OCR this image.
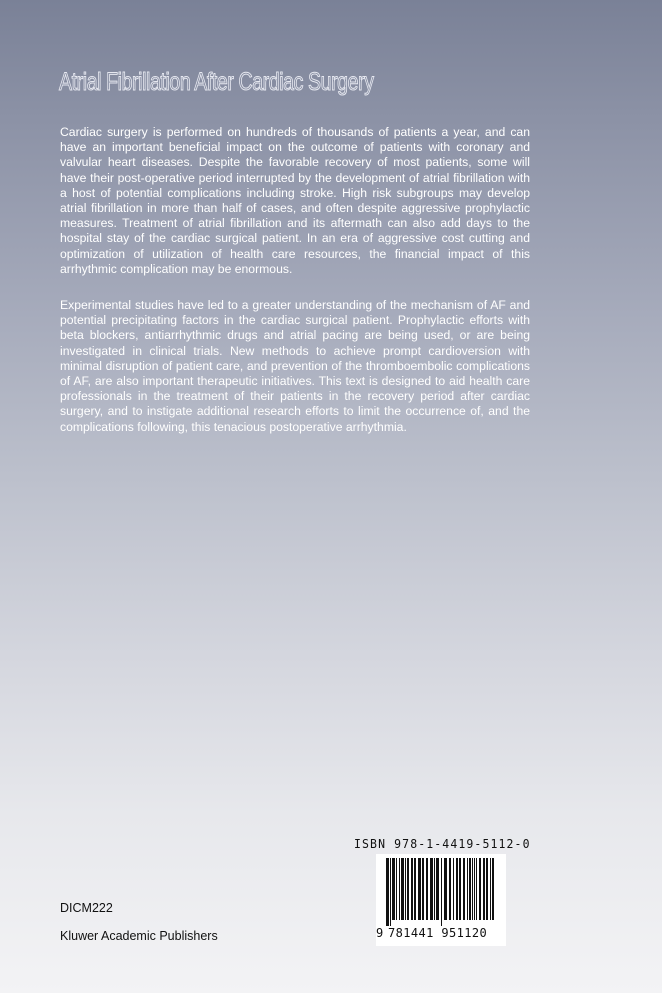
Atrial Fibrillation After Cardiac Surgery

Cardiac surgery is performed on hundreds of thousands of patients a year, and can have an important beneficial impact on the outcome of patients with coronary and valvular heart diseases. Despite the favorable recovery of most patients, some will have their post-operative period interrupted by the development of atrial fibrillation with a host of potential complications including stroke. High risk subgroups may develop atrial fibrillation in more than half of cases, and often despite aggressive prophylactic measures. Treatment of atrial fibrillation and its aftermath can also add days to the hospital stay of the cardiac surgical patient. In an era of aggressive cost cutting and optimization of utilization of health care resources, the financial impact of this arrhythmic complication may be enormous.

Experimental studies have led to a greater understanding of the mechanism of AF and potential precipitating factors in the cardiac surgical patient. Prophylactic efforts with beta blockers, antiarrhythmic drugs and atrial pacing are being used, or are being investigated in clinical trials. New methods to achieve prompt cardioversion with minimal disruption of patient care, and prevention of the thromboembolic complications of AF, are also important therapeutic initiatives. This text is designed to aid health care professionals in the treatment of their patients in the recovery period after cardiac surgery, and to instigate additional research efforts to limit the occurrence of, and the complications following, this tenacious postoperative arrhythmia.

ISBN 978-1-4419-5112-0
9 781441 951120
DICM222
Kluwer Academic Publishers
